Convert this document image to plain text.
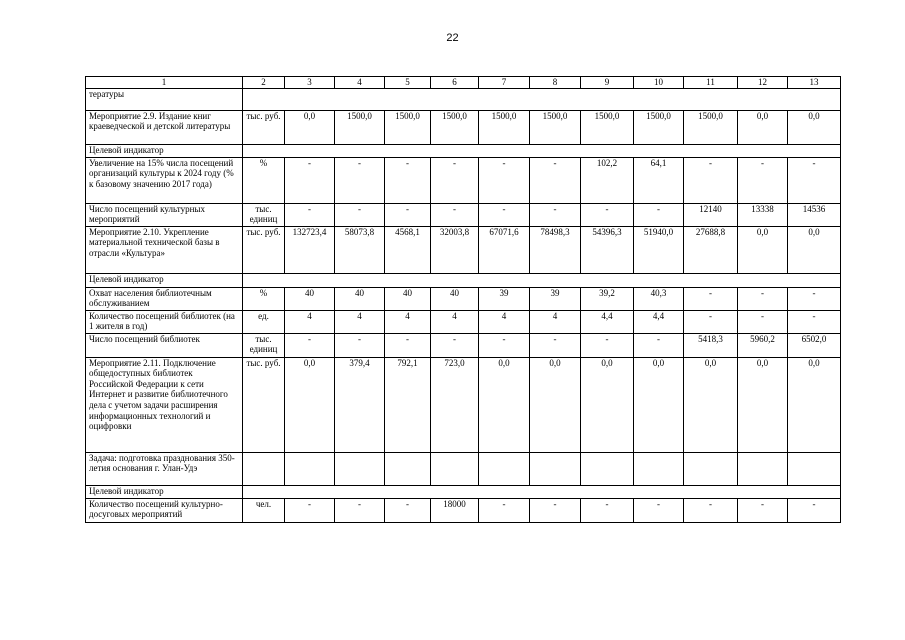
22
1	2	3	4	5	6	7	8	9	10	11	12	13
тературы												
Мероприятие 2.9. Издание книг краеведческой и детской литературы	тыс. руб.	0,0	1500,0	1500,0	1500,0	1500,0	1500,0	1500,0	1500,0	1500,0	0,0	0,0
Целевой индикатор												
Увеличение на 15% числа посещений организаций культуры к 2024 году (% к базовому значению 2017 года)	%	-	-	-	-	-	-	102,2	64,1	-	-	-
Число посещений культурных мероприятий	тыс. единиц	-	-	-	-	-	-	-	-	12140	13338	14536
Мероприятие 2.10. Укрепление материальной технической базы в отрасли «Культура»	тыс. руб.	132723,4	58073,8	4568,1	32003,8	67071,6	78498,3	54396,3	51940,0	27688,8	0,0	0,0
Целевой индикатор												
Охват населения библиотечным обслуживанием	%	40	40	40	40	39	39	39,2	40,3	-	-	-
Количество посещений библиотек (на 1 жителя в год)	ед.	4	4	4	4	4	4	4,4	4,4	-	-	-
Число посещений библиотек	тыс. единиц	-	-	-	-	-	-	-	-	5418,3	5960,2	6502,0
Мероприятие 2.11. Подключение общедоступных библиотек Российской Федерации к сети Интернет и развитие библиотечного дела с учетом задачи расширения информационных технологий и оцифровки	тыс. руб.	0,0	379,4	792,1	723,0	0,0	0,0	0,0	0,0	0,0	0,0	0,0
Задача: подготовка празднования 350-летия основания г. Улан-Удэ												
Целевой индикатор												
Количество посещений культурно-досуговых мероприятий	чел.	-	-	-	18000	-	-	-	-	-	-	-
